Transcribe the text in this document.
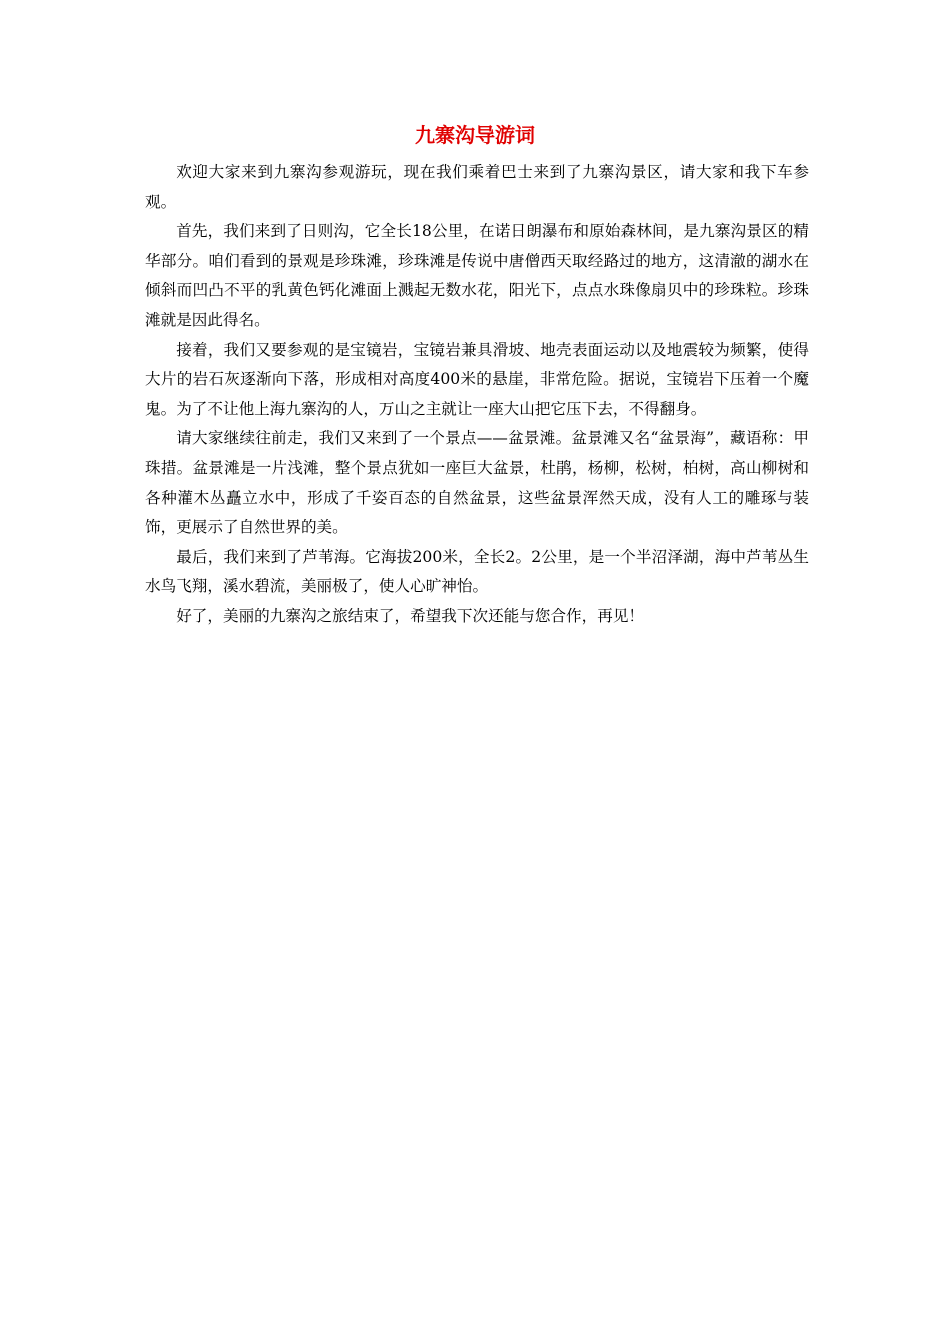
九寨沟导游词

欢迎大家来到九寨沟参观游玩，现在我们乘着巴士来到了九寨沟景区，请大家和我下车参观。

首先，我们来到了日则沟，它全长18公里，在诺日朗瀑布和原始森林间，是九寨沟景区的精华部分。咱们看到的景观是珍珠滩，珍珠滩是传说中唐僧西天取经路过的地方，这清澈的湖水在倾斜而凹凸不平的乳黄色钙化滩面上溅起无数水花，阳光下，点点水珠像扇贝中的珍珠粒。珍珠滩就是因此得名。

接着，我们又要参观的是宝镜岩，宝镜岩兼具滑坡、地壳表面运动以及地震较为频繁，使得大片的岩石灰逐渐向下落，形成相对高度400米的悬崖，非常危险。据说，宝镜岩下压着一个魔鬼。为了不让他上海九寨沟的人，万山之主就让一座大山把它压下去，不得翻身。

请大家继续往前走，我们又来到了一个景点——盆景滩。盆景滩又名“盆景海”，藏语称：甲珠措。盆景滩是一片浅滩，整个景点犹如一座巨大盆景，杜鹃，杨柳，松树，柏树，高山柳树和各种灌木丛矗立水中，形成了千姿百态的自然盆景，这些盆景浑然天成，没有人工的雕琢与装饰，更展示了自然世界的美。

最后，我们来到了芦苇海。它海拔200米，全长2。2公里，是一个半沼泽湖，海中芦苇丛生水鸟飞翔，溪水碧流，美丽极了，使人心旷神怡。

好了，美丽的九寨沟之旅结束了，希望我下次还能与您合作，再见！
